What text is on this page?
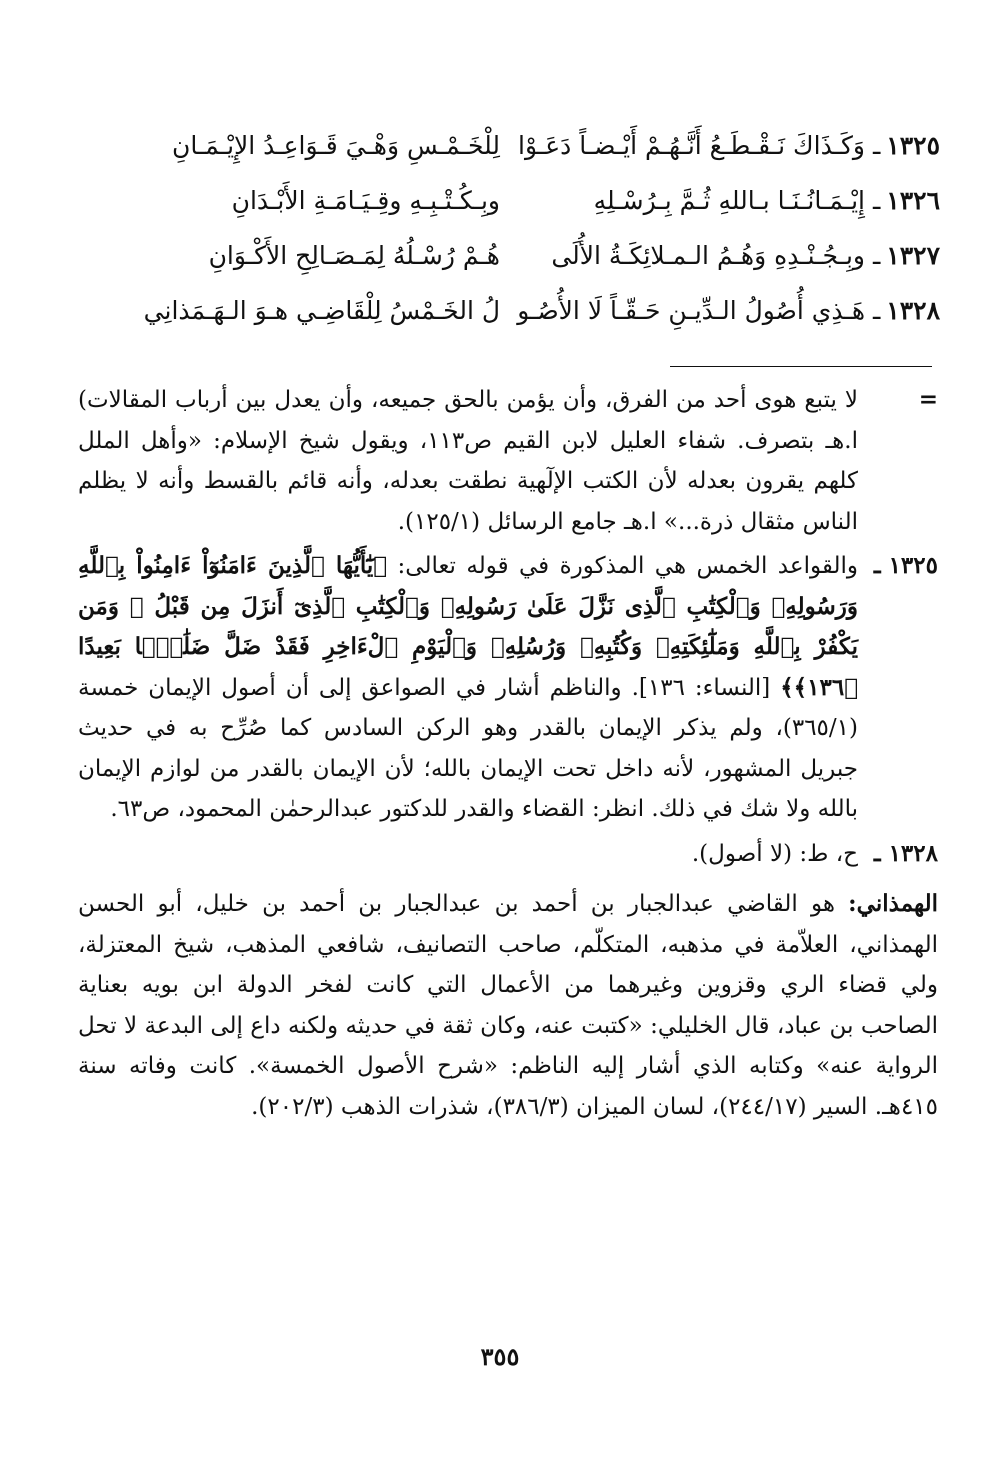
١٣٢٥ـ وَكَـذَاكَ نَـقْـطَـعُ أَنَّـهُـمْ أَيْـضـاً دَعَـوْا
لِلْخَـمْـسِ وَهْـيَ قَـوَاعِـدُ الإِيْـمَـانِ
١٣٢٦ـ إِيْـمَـانُـنَـا بـاللهِ ثُـمَّ بِـرُسْـلِهِ
وبِـكُـتْـبِـهِ وقِـيَـامَـةِ الأَبْـدَانِ
١٣٢٧ـ وبِـجُـنْـدِهِ وَهُـمُ الـمـلائِكَـةُ الأُلَى
هُـمْ رُسْـلُهُ لِمَـصَـالِحِ الأَكْـوَانِ
١٣٢٨ـ هَـذِي أُصُولُ الـدِّيـنِ حَـقّـاً لَا الأُصُـو
لُ الخَـمْسُ لِلْقَاضِـي هـوَ الـهَـمَذانِي
=
لا يتبع هوى أحد من الفرق، وأن يؤمن بالحق جميعه، وأن يعدل بين أرباب المقالات) ا.هـ بتصرف. شفاء العليل لابن القيم ص١١٣، ويقول شيخ الإسلام: «وأهل الملل كلهم يقرون بعدله لأن الكتب الإلٓهية نطقت بعدله، وأنه قائم بالقسط وأنه لا يظلم الناس مثقال ذرة...» ا.هـ جامع الرسائل (١٢٥/١).
١٣٢٥ ـ
والقواعد الخمس هي المذكورة في قوله تعالى: ﴿يَٰٓأَيُّهَا ٱلَّذِينَ ءَامَنُوٓاْ ءَامِنُواْ بِٱللَّهِ وَرَسُولِهِۦ وَٱلْكِتَٰبِ ٱلَّذِى نَزَّلَ عَلَىٰ رَسُولِهِۦ وَٱلْكِتَٰبِ ٱلَّذِىٓ أَنزَلَ مِن قَبْلُ ۚ وَمَن يَكْفُرْ بِٱللَّهِ وَمَلَٰٓئِكَتِهِۦ وَكُتُبِهِۦ وَرُسُلِهِۦ وَٱلْيَوْمِ ٱلْءَاخِرِ فَقَدْ ضَلَّ ضَلَٰلًۢا بَعِيدًا ﴿١٣٦﴾﴾ [النساء: ١٣٦]. والناظم أشار في الصواعق إلى أن أصول الإيمان خمسة (٣٦٥/١)، ولم يذكر الإيمان بالقدر وهو الركن السادس كما صُرِّح به في حديث جبريل المشهور، لأنه داخل تحت الإيمان بالله؛ لأن الإيمان بالقدر من لوازم الإيمان بالله ولا شك في ذلك. انظر: القضاء والقدر للدكتور عبدالرحمٰن المحمود، ص٦٣.
١٣٢٨ ـ
ح، ط: (لا أصول).
الهمذاني: هو القاضي عبدالجبار بن أحمد بن عبدالجبار بن أحمد بن خليل، أبو الحسن الهمذاني، العلاّمة في مذهبه، المتكلّم، صاحب التصانيف، شافعي المذهب، شيخ المعتزلة، ولي قضاء الري وقزوين وغيرهما من الأعمال التي كانت لفخر الدولة ابن بويه بعناية الصاحب بن عباد، قال الخليلي: «كتبت عنه، وكان ثقة في حديثه ولكنه داع إلى البدعة لا تحل الرواية عنه» وكتابه الذي أشار إليه الناظم: «شرح الأصول الخمسة». كانت وفاته سنة ٤١٥هـ. السير (٢٤٤/١٧)، لسان الميزان (٣٨٦/٣)، شذرات الذهب (٢٠٢/٣).
٣٥٥
